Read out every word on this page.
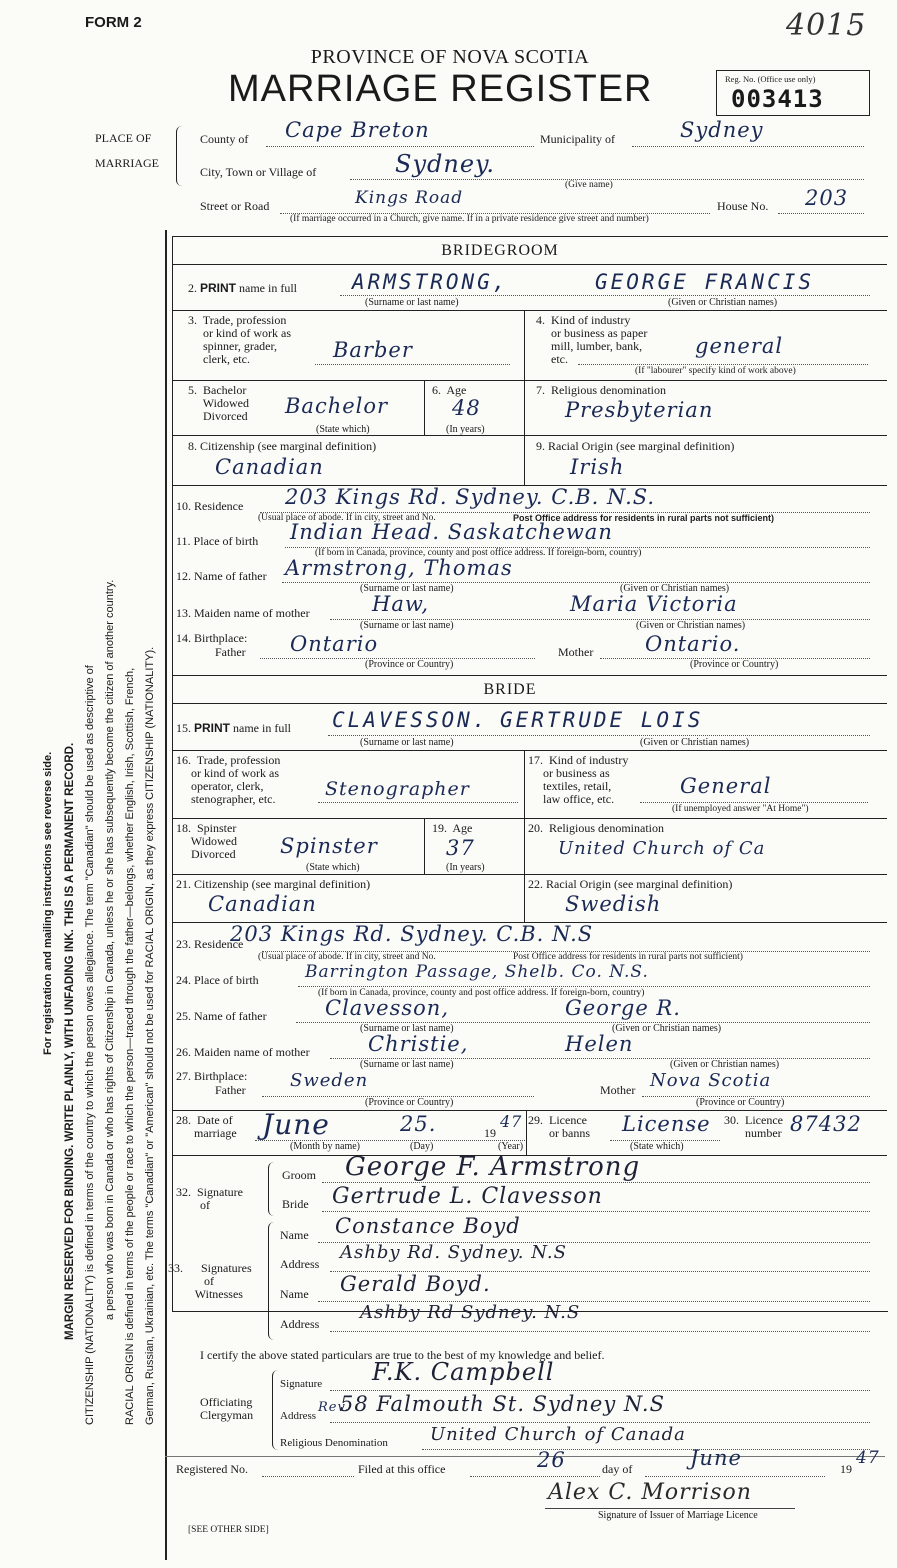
FORM 2	4015
PROVINCE OF NOVA SCOTIA
MARRIAGE REGISTER	Reg. No. (Office use only)
003413
For registration and mailing instructions see reverse side. MARGIN RESERVED FOR BINDING. WRITE PLAINLY, WITH UNFADING INK. THIS IS A PERMANENT RECORD. CITIZENSHIP (NATIONALITY) is defined in terms of the country to which the person owes allegiance. The term "Canadian" should be used as descriptive of a person who was born in Canada or who has rights of Citizenship in Canada, unless he or she has subsequently become the citizen of another country. RACIAL ORIGIN is defined in terms of the people or race to which the person—traced through the father—belongs, whether English, Irish, Scottish, French, German, Russian, Ukrainian, etc. The terms "Canadian" or "American" should not be used for RACIAL ORIGIN, as they express CITIZENSHIP (NATIONALITY).
PLACE OF
MARRIAGE
County of Cape Breton	Municipality of	Sydney
City, Town or Village of	Sydney.
(Give name)
Street or Road	Kings Road	House No. 203
(If marriage occurred in a Church, give name. If in a private residence give street and number)
BRIDEGROOM
2. PRINT name in full	ARMSTRONG,	GEORGE FRANCIS
(Surname or last name)	(Given or Christian names)
3.  Trade, profession
or kind of work as
spinner, grader,
clerk, etc.	Barber
4.  Kind of industry
or business as paper
mill, lumber, bank,
etc.
general
(If "labourer" specify kind of work above)
5.  Bachelor
Widowed
Divorced Bachelor
(State which)
6.  Age
48
(In years)
7.  Religious denomination
Presbyterian
8. Citizenship (see marginal definition)
Canadian
9. Racial Origin (see marginal definition)
Irish
10. Residence 203 Kings Rd. Sydney. C.B. N.S.
(Usual place of abode. If in city, street and No.	Post Office address for residents in rural parts not sufficient)
11. Place of birth Indian Head. Saskatchewan
(If born in Canada, province, county and post office address. If foreign-born, country)
12. Name of father Armstrong, Thomas
(Surname or last name)	(Given or Christian names)
13. Maiden name of mother	Haw,	Maria Victoria
(Surname or last name)	(Given or Christian names)
14. Birthplace:
Father Ontario	Mother Ontario.
(Province or Country)	(Province or Country)
BRIDE
15. PRINT name in full CLAVESSON. GERTRUDE LOIS
(Surname or last name)	(Given or Christian names)
16.  Trade, profession
or kind of work as
operator, clerk,
stenographer, etc.	Stenographer
17.  Kind of industry
or business as
textiles, retail,
law office, etc.
General
(If unemployed answer "At Home")
18.  Spinster
Widowed
Divorced Spinster
(State which)
19.  Age
37
(In years)
20.  Religious denomination
United Church of Ca
21. Citizenship (see marginal definition)
Canadian
22. Racial Origin (see marginal definition)
Swedish
23. Residence
203 Kings Rd. Sydney. C.B. N.S
(Usual place of abode. If in city, street and No.	Post Office address for residents in rural parts not sufficient)
24. Place of birth	Barrington Passage, Shelb. Co. N.S.
(If born in Canada, province, county and post office address. If foreign-born, country)
25. Name of father	Clavesson,	George R.
(Surname or last name)	(Given or Christian names)
26. Maiden name of mother	Christie,	Helen
(Surname or last name)	(Given or Christian names)
27. Birthplace:
Father Sweden	Mother Nova Scotia
(Province or Country)	(Province or Country)
28.  Date of
marriage June	25.	19
47
(Month by name)	(Day)	(Year)
29.  Licence
or banns License
(State which)
30.  Licence
number 87432
32.  Signature
of
Groom George F. Armstrong
Bride Gertrude L. Clavesson
33.      Signatures
of
Witnesses
Name Constance Boyd
Address
Ashby Rd. Sydney. N.S
Name Gerald Boyd.
Address
Ashby Rd Sydney. N.S
I certify the above stated particulars are true to the best of my knowledge and belief.
Officiating
Clergyman
Signature F.K. Campbell
Address
Rev.
58 Falmouth St. Sydney N.S
Religious Denomination United Church of Canada
Registered No.	Filed at this office	26	day of	June	19
47
Alex C. Morrison
Signature of Issuer of Marriage Licence
[SEE OTHER SIDE]
